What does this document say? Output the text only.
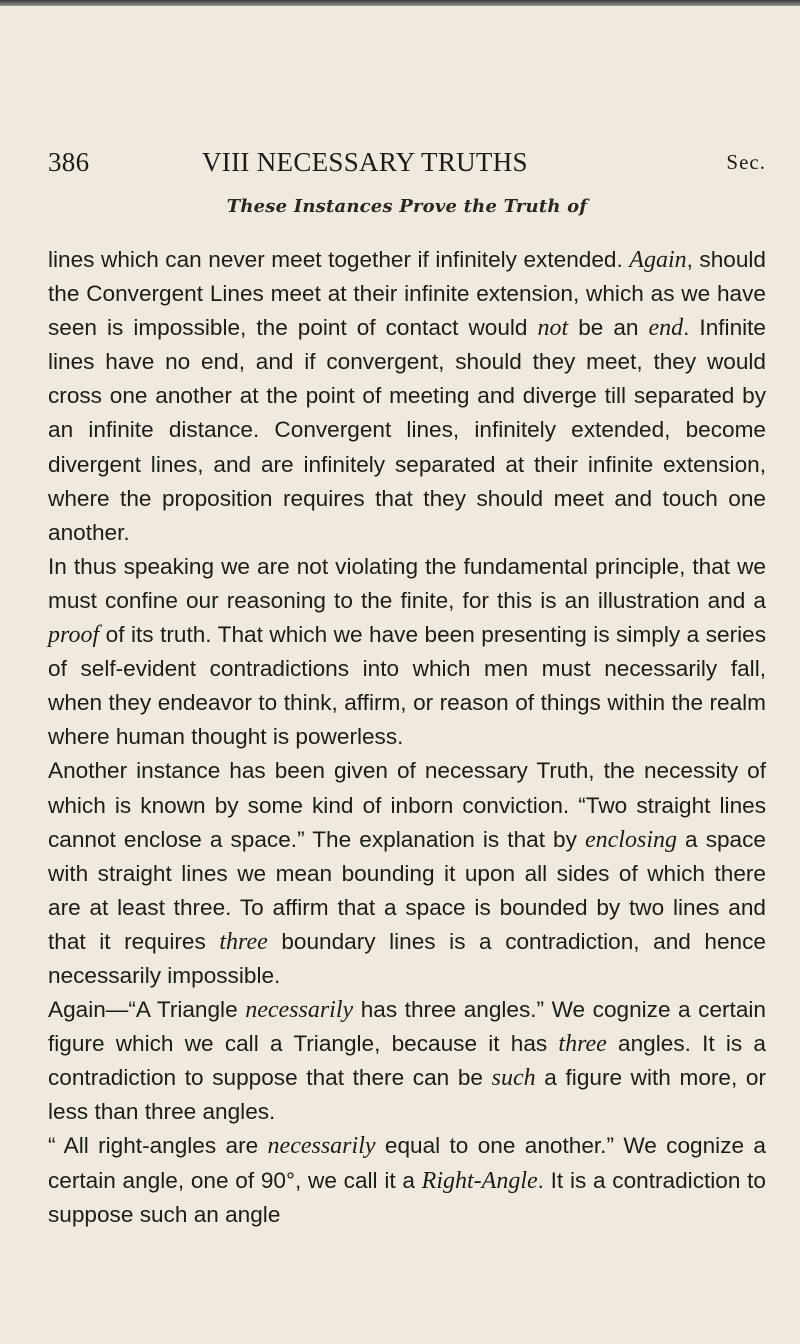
386	VIII NECESSARY TRUTHS	Sec.
These Instances Prove the Truth of

lines which can never meet together if infinitely extended. Again, should the Convergent Lines meet at their infinite extension, which as we have seen is impossible, the point of contact would not be an end. Infinite lines have no end, and if convergent, should they meet, they would cross one another at the point of meeting and diverge till separated by an infinite distance. Convergent lines, infinitely extended, become divergent lines, and are infinitely separated at their infinite extension, where the proposition requires that they should meet and touch one another.

In thus speaking we are not violating the fundamental principle, that we must confine our reasoning to the finite, for this is an illustration and a proof of its truth. That which we have been presenting is simply a series of self-evident contradictions into which men must necessarily fall, when they endeavor to think, affirm, or reason of things within the realm where human thought is powerless.

Another instance has been given of necessary Truth, the necessity of which is known by some kind of inborn conviction. “Two straight lines cannot enclose a space.” The explanation is that by enclosing a space with straight lines we mean bounding it upon all sides of which there are at least three. To affirm that a space is bounded by two lines and that it requires three boundary lines is a contradiction, and hence necessarily impossible.

Again—“A Triangle necessarily has three angles.” We cognize a certain figure which we call a Triangle, because it has three angles. It is a contradiction to suppose that there can be such a figure with more, or less than three angles.

“ All right-angles are necessarily equal to one another.” We cognize a certain angle, one of 90°, we call it a Right-Angle. It is a contradiction to suppose such an angle
